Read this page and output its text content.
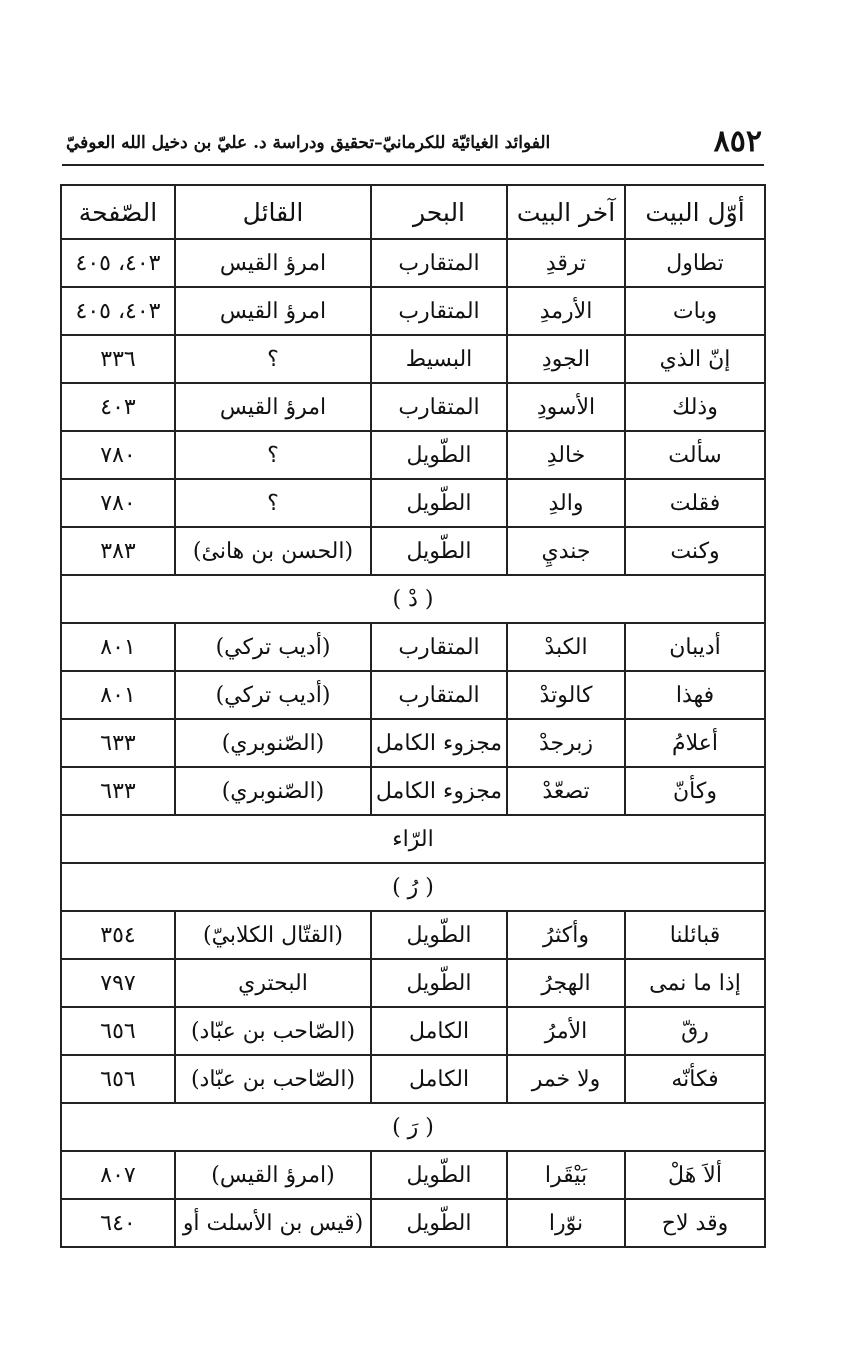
٨٥٢
الفوائد الغيائيّة للكرمانيّ–تحقيق ودراسة د. عليّ بن دخيل الله العوفيّ
أوّل البيت	آخر البيت	البحر	القائل	الصّفحة
تطاول	ترقدِ	المتقارب	امرؤ القيس	٤٠٣، ٤٠٥
وبات	الأرمدِ	المتقارب	امرؤ القيس	٤٠٣، ٤٠٥
إنّ الذي	الجودِ	البسيط	؟	٣٣٦
وذلك	الأسودِ	المتقارب	امرؤ القيس	٤٠٣
سألت	خالدِ	الطّويل	؟	٧٨٠
فقلت	والدِ	الطّويل	؟	٧٨٠
وكنت	جنديِ	الطّويل	(الحسن بن هانئ)	٣٨٣
( دْ )				
أديبان	الكبدْ	المتقارب	(أديب تركي)	٨٠١
فهذا	كالوتدْ	المتقارب	(أديب تركي)	٨٠١
أعلامُ	زبرجدْ	مجزوء الكامل	(الصّنوبري)	٦٣٣
وكأنّ	تصعّدْ	مجزوء الكامل	(الصّنوبري)	٦٣٣
الرّاء				
( رُ )				
قبائلنا	وأكثرُ	الطّويل	(القتّال الكلابيّ)	٣٥٤
إذا ما نمى	الهجرُ	الطّويل	البحتري	٧٩٧
رقّ	الأمرُ	الكامل	(الصّاحب بن عبّاد)	٦٥٦
فكأنّه	ولا خمر	الكامل	(الصّاحب بن عبّاد)	٦٥٦
( رَ )				
ألاَ هَلْ	بَيْقَرا	الطّويل	(امرؤ القيس)	٨٠٧
وقد لاح	نوّرا	الطّويل	(قيس بن الأسلت أو	٦٤٠
